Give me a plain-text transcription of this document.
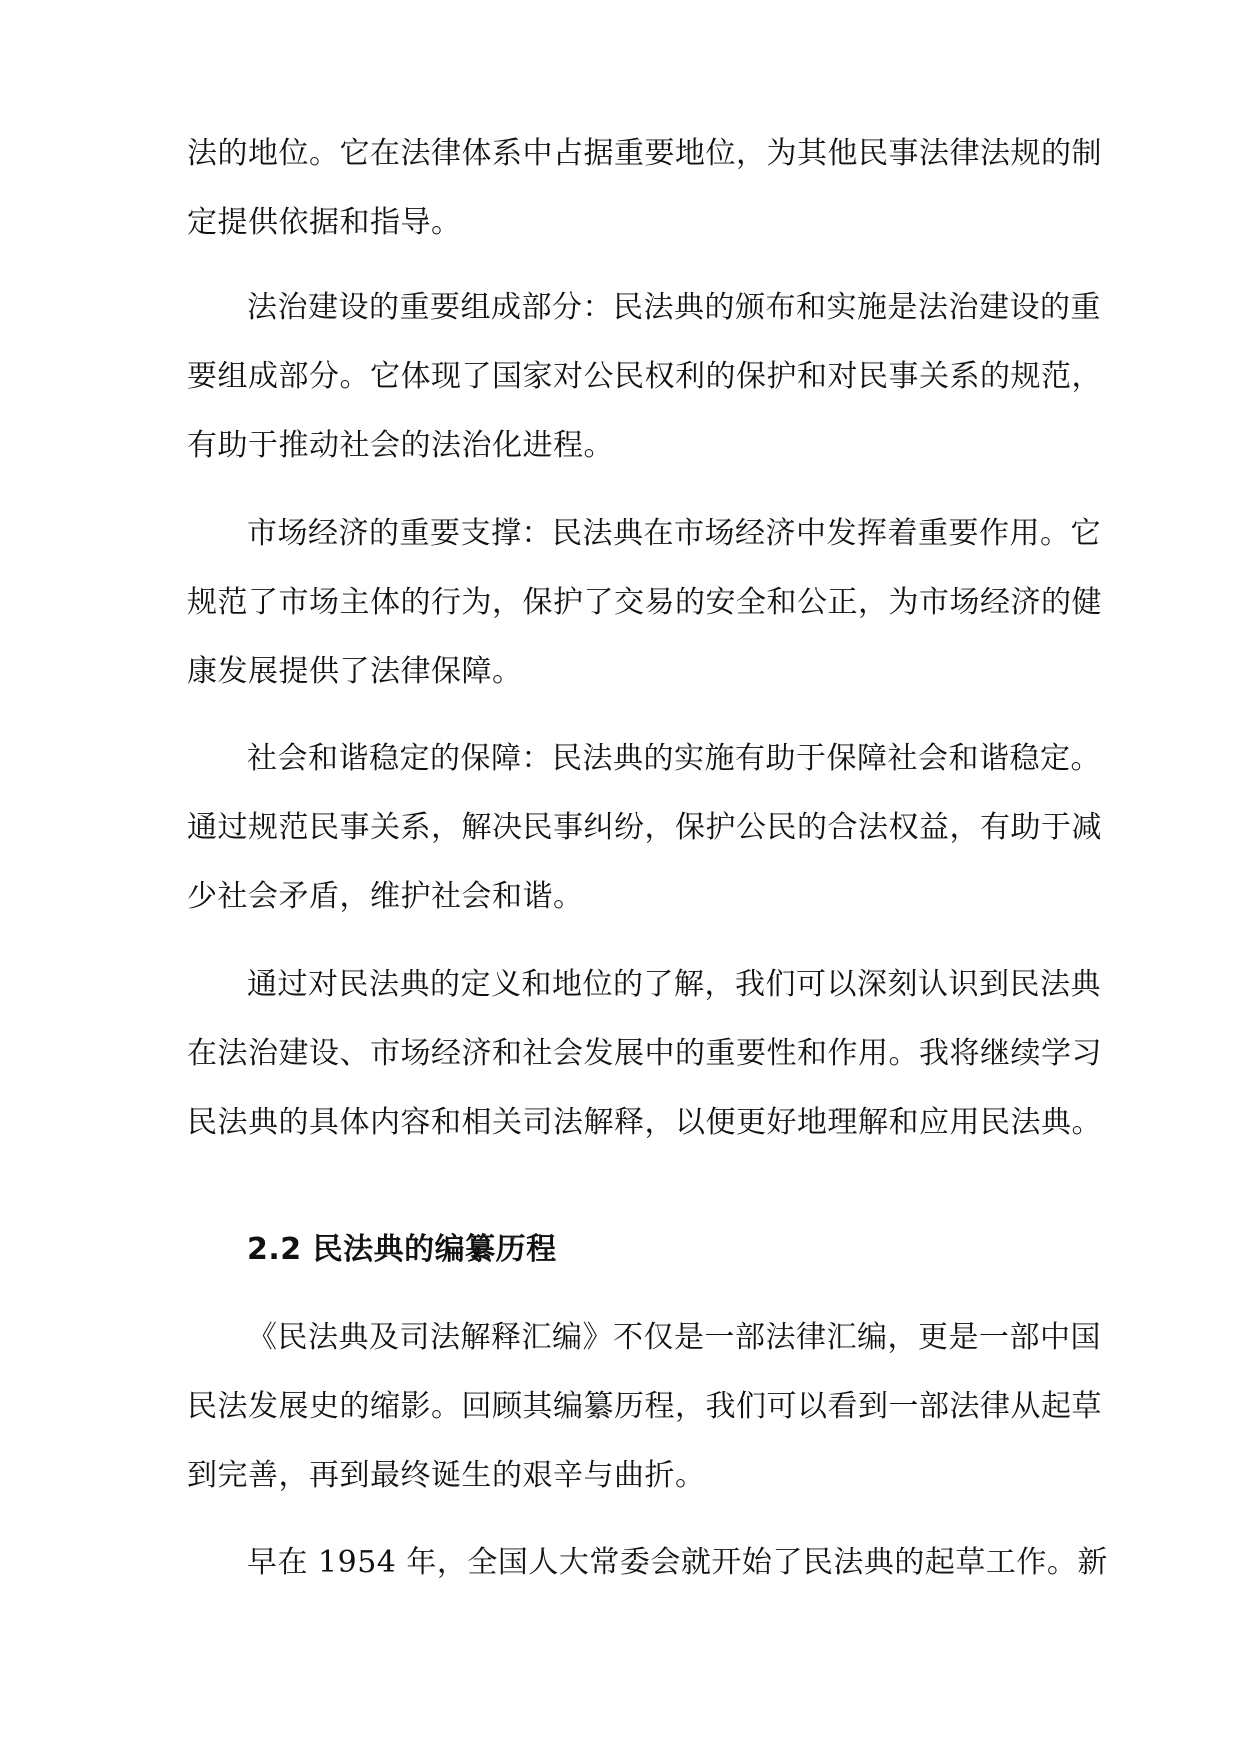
法的地位。它在法律体系中占据重要地位，为其他民事法律法规的制
定提供依据和指导。
法治建设的重要组成部分：民法典的颁布和实施是法治建设的重
要组成部分。它体现了国家对公民权利的保护和对民事关系的规范，
有助于推动社会的法治化进程。
市场经济的重要支撑：民法典在市场经济中发挥着重要作用。它
规范了市场主体的行为，保护了交易的安全和公正，为市场经济的健
康发展提供了法律保障。
社会和谐稳定的保障：民法典的实施有助于保障社会和谐稳定。
通过规范民事关系，解决民事纠纷，保护公民的合法权益，有助于减
少社会矛盾，维护社会和谐。
通过对民法典的定义和地位的了解，我们可以深刻认识到民法典
在法治建设、市场经济和社会发展中的重要性和作用。我将继续学习
民法典的具体内容和相关司法解释，以便更好地理解和应用民法典。
2.2 民法典的编纂历程
《民法典及司法解释汇编》不仅是一部法律汇编，更是一部中国
民法发展史的缩影。回顾其编纂历程，我们可以看到一部法律从起草
到完善，再到最终诞生的艰辛与曲折。
早在 1954 年，全国人大常委会就开始了民法典的起草工作。新
